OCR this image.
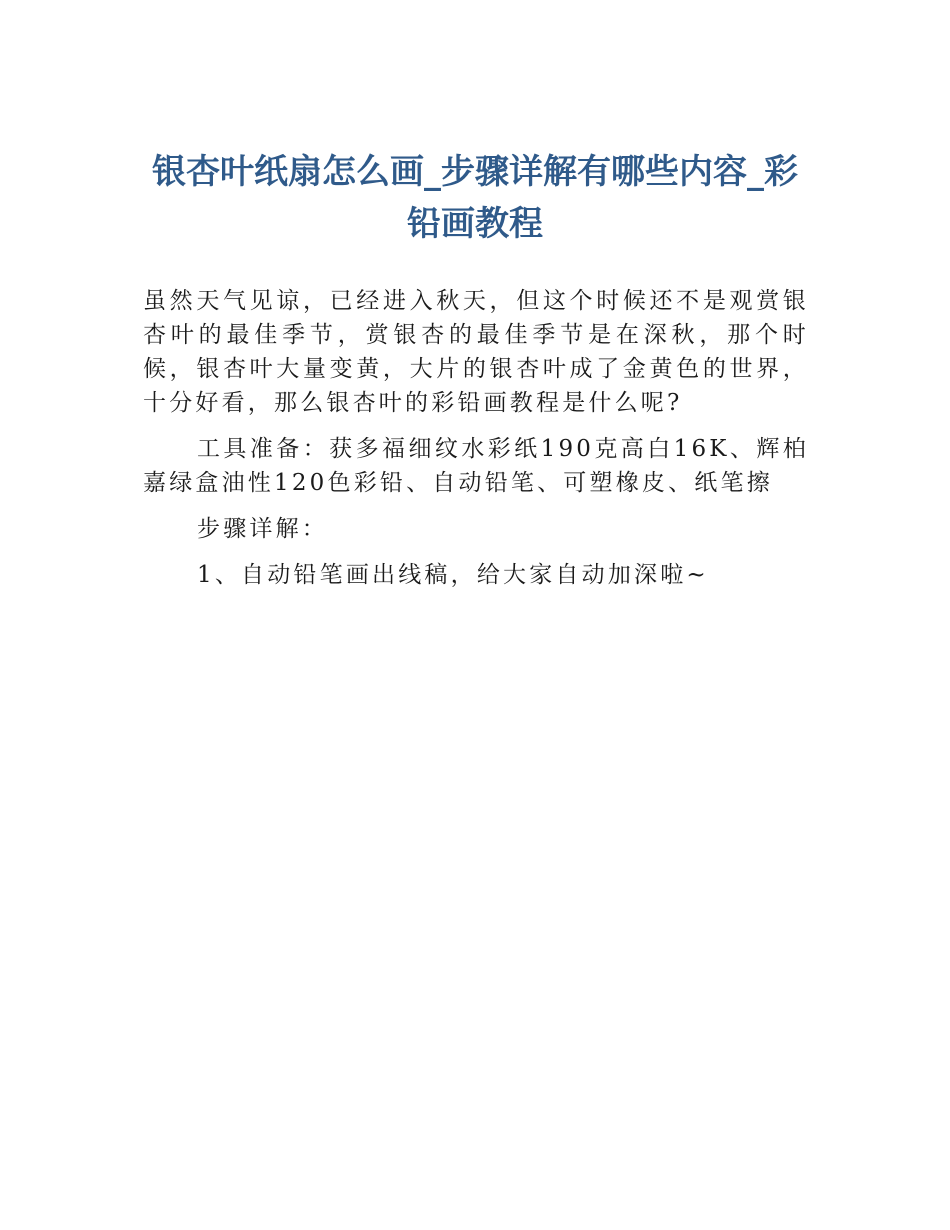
银杏叶纸扇怎么画_步骤详解有哪些内容_彩铅画教程

虽然天气见谅，已经进入秋天，但这个时候还不是观赏银杏叶的最佳季节，赏银杏的最佳季节是在深秋，那个时候，银杏叶大量变黄，大片的银杏叶成了金黄色的世界，十分好看，那么银杏叶的彩铅画教程是什么呢?

工具准备：获多福细纹水彩纸190克高白16K、辉柏嘉绿盒油性120色彩铅、自动铅笔、可塑橡皮、纸笔擦

步骤详解：

1、自动铅笔画出线稿，给大家自动加深啦~
